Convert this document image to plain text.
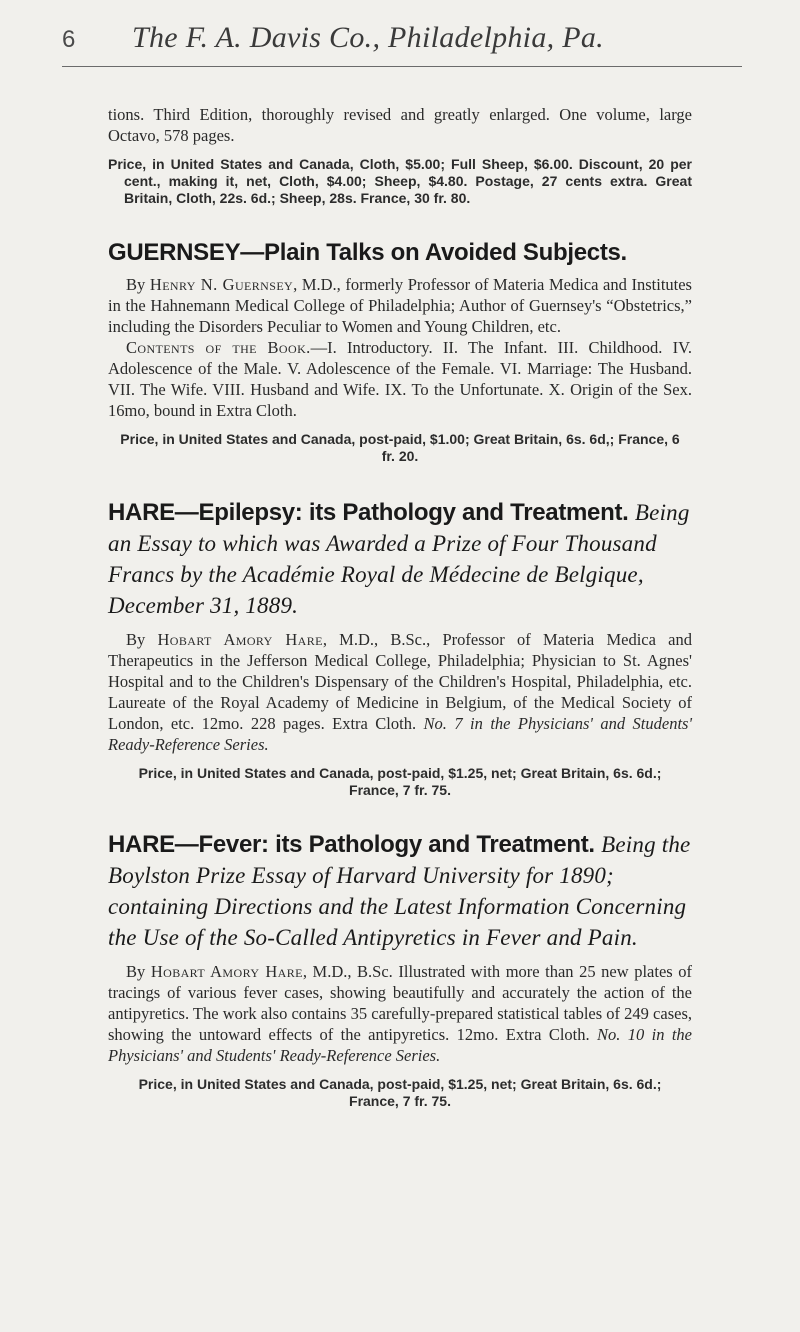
6 The F. A. Davis Co., Philadelphia, Pa.

tions. Third Edition, thoroughly revised and greatly enlarged. One volume, large Octavo, 578 pages.

Price, in United States and Canada, Cloth, $5.00; Full Sheep, $6.00. Discount, 20 per cent., making it, net, Cloth, $4.00; Sheep, $4.80. Postage, 27 cents extra. Great Britain, Cloth, 22s. 6d.; Sheep, 28s. France, 30 fr. 80.

GUERNSEY—Plain Talks on Avoided Subjects.

By Henry N. Guernsey, M.D., formerly Professor of Materia Medica and Institutes in the Hahnemann Medical College of Philadelphia; Author of Guernsey's “Obstetrics,” including the Disorders Peculiar to Women and Young Children, etc.

Contents of the Book.—I. Introductory. II. The Infant. III. Childhood. IV. Adolescence of the Male. V. Adolescence of the Female. VI. Marriage: The Husband. VII. The Wife. VIII. Husband and Wife. IX. To the Unfortunate. X. Origin of the Sex. 16mo, bound in Extra Cloth.

Price, in United States and Canada, post-paid, $1.00; Great Britain, 6s. 6d,; France, 6 fr. 20.

HARE—Epilepsy: its Pathology and Treatment. Being an Essay to which was Awarded a Prize of Four Thousand Francs by the Académie Royal de Médecine de Belgique, December 31, 1889.

By Hobart Amory Hare, M.D., B.Sc., Professor of Materia Medica and Therapeutics in the Jefferson Medical College, Philadelphia; Physician to St. Agnes' Hospital and to the Children's Dispensary of the Children's Hospital, Philadelphia, etc. Laureate of the Royal Academy of Medicine in Belgium, of the Medical Society of London, etc. 12mo. 228 pages. Extra Cloth. No. 7 in the Physicians' and Students' Ready-Reference Series.

Price, in United States and Canada, post-paid, $1.25, net; Great Britain, 6s. 6d.; France, 7 fr. 75.

HARE—Fever: its Pathology and Treatment. Being the Boylston Prize Essay of Harvard University for 1890; containing Directions and the Latest Information Concerning the Use of the So-Called Antipyretics in Fever and Pain.

By Hobart Amory Hare, M.D., B.Sc. Illustrated with more than 25 new plates of tracings of various fever cases, showing beautifully and accurately the action of the antipyretics. The work also contains 35 carefully-prepared statistical tables of 249 cases, showing the untoward effects of the antipyretics. 12mo. Extra Cloth. No. 10 in the Physicians' and Students' Ready-Reference Series.

Price, in United States and Canada, post-paid, $1.25, net; Great Britain, 6s. 6d.; France, 7 fr. 75.
